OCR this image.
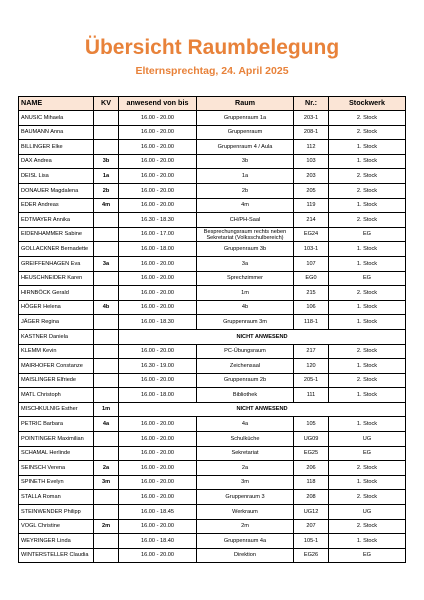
Übersicht Raumbelegung
Elternsprechtag, 24. April 2025
NAME	KV	anwesend von bis	Raum	Nr.:	Stockwerk
ANUSIC Mihaela		16.00 - 20.00	Gruppenraum 1a	203-1	2. Stock
BAUMANN Anna		16.00 - 20.00	Gruppenraum	208-1	2. Stock
BILLINGER Elke		16.00 - 20.00	Gruppenraum 4 / Aula	112	1. Stock
DAX Andrea	3b	16.00 - 20.00	3b	103	1. Stock
DEISL Lisa	1a	16.00 - 20.00	1a	203	2. Stock
DONAUER Magdalena	2b	16.00 - 20.00	2b	205	2. Stock
EDER Andreas	4m	16.00 - 20.00	4m	119	1. Stock
EDTMAYER Annika		16.30 - 18.30	CH/PH-Saal	214	2. Stock
EIDENHAMMER Sabine		16.00 - 17.00	Besprechungsraum rechts neben Sekretariat (Volksschulbereich)	EG24	EG
GOLLACKNER Bernadette		16.00 - 18.00	Gruppenraum 3b	103-1	1. Stock
GREIFFENHAGEN Eva	3a	16.00 - 20.00	3a	107	1. Stock
HEUSCHNEIDER Karen		16.00 - 20.00	Sprechzimmer	EG0	EG
HIRNBÖCK Gerald		16.00 - 20.00	1m	215	2. Stock
HÖGER Helena	4b	16.00 - 20.00	4b	106	1. Stock
JÄGER Regina		16.00 - 18.30	Gruppenraum 3m	118-1	1. Stock
KASTNER Daniela		NICHT ANWESEND			
KLEMM Kevin		16.00 - 20.00	PC-Übungsraum	217	2. Stock
MAIRHOFER Constanze		16.30 - 19.00	Zeichensaal	120	1. Stock
MAISLINGER Elfriede		16.00 - 20.00	Gruppenraum 2b	205-1	2. Stock
MATL Christoph		16.00 - 18.00	Bibliothek	111	1. Stock
MISCHKULNIG Esther	1m	NICHT ANWESEND			
PETRIC Barbara	4a	16.00 - 20.00	4a	105	1. Stock
POINTINGER Maximilian		16.00 - 20.00	Schulküche	UG09	UG
SCHAMAL Herlinde		16.00 - 20.00	Sekretariat	EG25	EG
SEINSCH Verena	2a	16.00 - 20.00	2a	206	2. Stock
SPINETH Evelyn	3m	16.00 - 20.00	3m	118	1. Stock
STALLA Roman		16.00 - 20.00	Gruppenraum 3	208	2. Stock
STEINWENDER Philipp		16.00 - 18.45	Werkraum	UG12	UG
VOGL Christine	2m	16.00 - 20.00	2m	207	2. Stock
WEYRINGER Linda		16.00 - 18.40	Gruppenraum 4a	105-1	1. Stock
WINTERSTELLER Claudia		16.00 - 20.00	Direktion	EG26	EG
